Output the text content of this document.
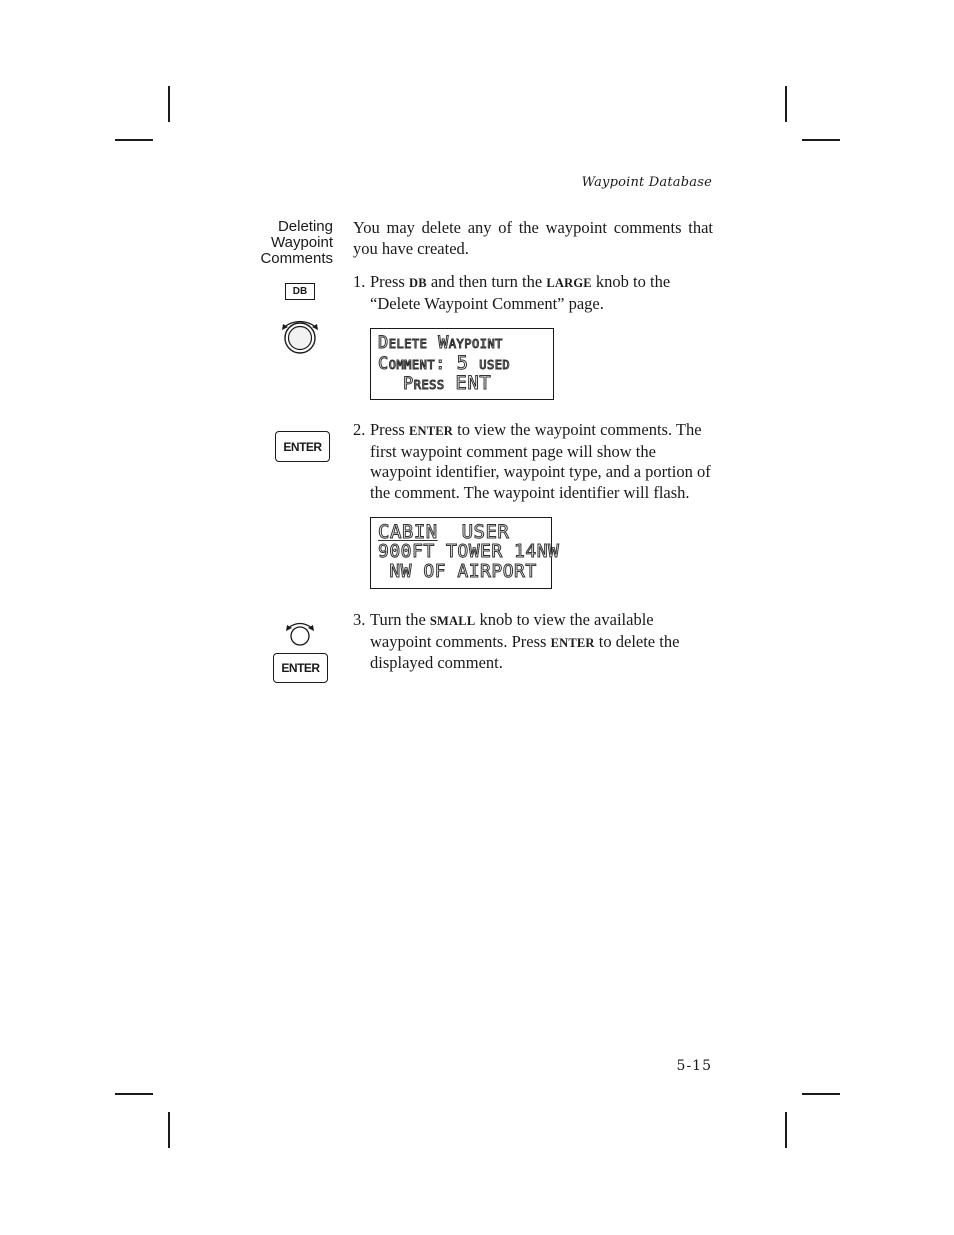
Waypoint Database
Deleting
Waypoint
Comments
You may delete any of the waypoint comments that you have created.
1. Press DB and then turn the LARGE knob to the
“Delete Waypoint Comment” page.
DB
Delete Waypoint
Comment: 5 used
Press ENT
2. Press ENTER to view the waypoint comments. The
first waypoint comment page will show the waypoint identifier, waypoint type, and a portion of the comment. The waypoint identifier will flash.
ENTER
CABIN  USER
900FT TOWER 14NW
NW OF AIRPORT
3. Turn the SMALL knob to view the available
waypoint comments. Press ENTER to delete the displayed comment.
ENTER
5-15
